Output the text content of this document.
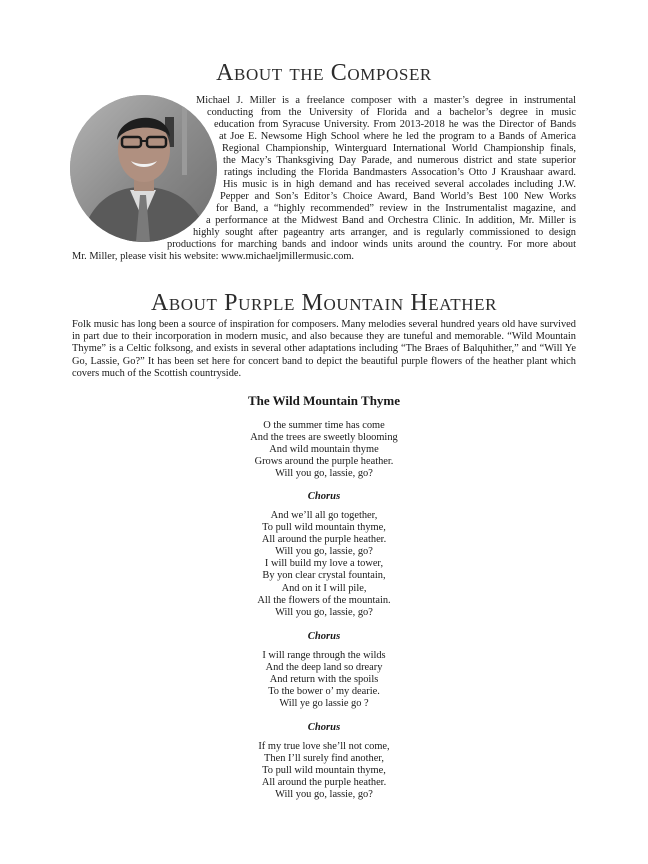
About the Composer
Michael J. Miller is a freelance composer with a master’s degree in instrumental
conducting from the University of Florida and a bachelor’s degree in music
education from Syracuse University. From 2013-2018 he was the Director of Bands
at Joe E. Newsome High School where he led the program to a Bands of America
Regional Championship, Winterguard International World Championship finals,
the Macy’s Thanksgiving Day Parade, and numerous district and state superior
ratings including the Florida Bandmasters Assocation’s Otto J Kraushaar award.
His music is in high demand and has received several accolades including J.W.
Pepper and Son’s Editor’s Choice Award, Band World’s Best 100 New Works
for Band, a “highly recommended” review in the Instrumentalist magazine, and
a performance at the Midwest Band and Orchestra Clinic. In addition, Mr. Miller is
highly sought after pageantry arts arranger, and is regularly commissioned to design
productions for marching bands and indoor winds units around the country. For more about
Mr. Miller, please visit his website: www.michaeljmillermusic.com.
About Purple Mountain Heather

Folk music has long been a source of inspiration for composers. Many melodies several hundred years old have survived in part due to their incorporation in modern music, and also because they are tuneful and memorable. “Wild Mountain Thyme” is a Celtic folksong, and exists in several other adaptations including “The Braes of Balquhither,” and “Will Ye Go, Lassie, Go?” It has been set here for concert band to depict the beautiful purple flowers of the heather plant which covers much of the Scottish countryside.

The Wild Mountain Thyme
O the summer time has come
And the trees are sweetly blooming
And wild mountain thyme
Grows around the purple heather.
Will you go, lassie, go?
Chorus
And we’ll all go together,
To pull wild mountain thyme,
All around the purple heather.
Will you go, lassie, go?
I will build my love a tower,
By yon clear crystal fountain,
And on it I will pile,
All the flowers of the mountain.
Will you go, lassie, go?
Chorus
I will range through the wilds
And the deep land so dreary
And return with the spoils
To the bower o’ my dearie.
Will ye go lassie go ?
Chorus
If my true love she’ll not come,
Then I’ll surely find another,
To pull wild mountain thyme,
All around the purple heather.
Will you go, lassie, go?
